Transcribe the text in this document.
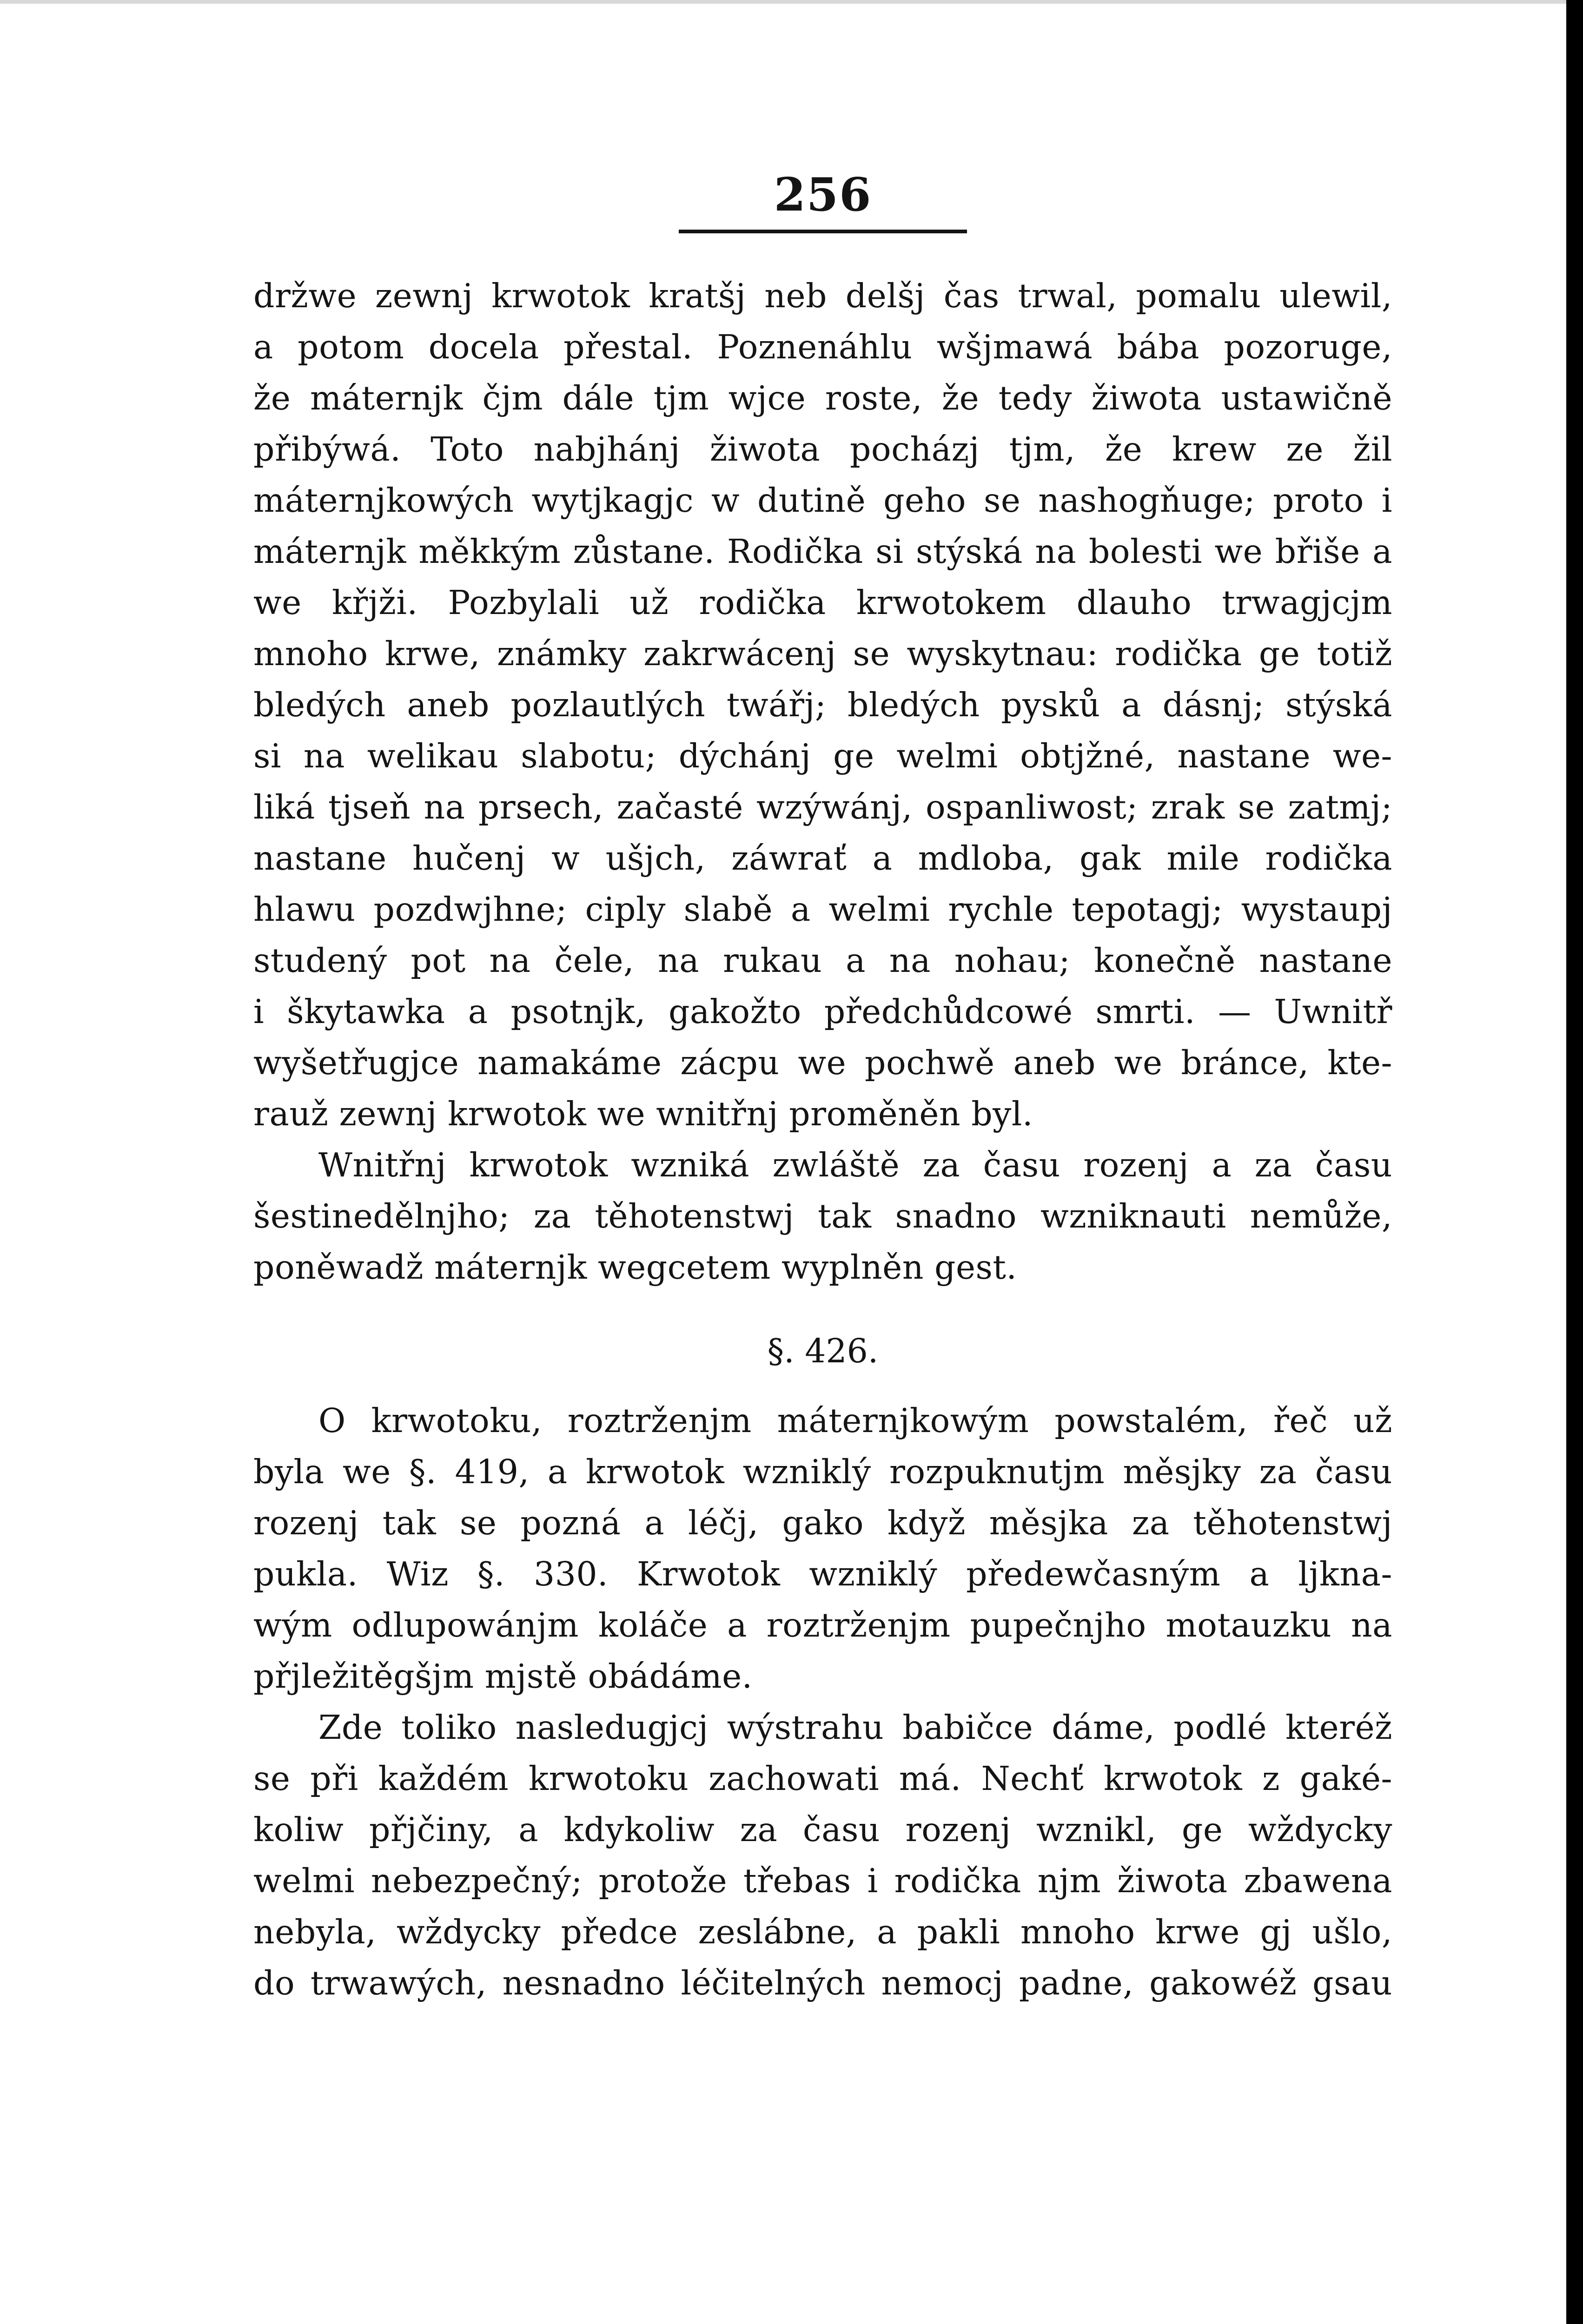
256
držwe zewnj krwotok kratšj neb delšj čas trwal, pomalu ulewil,
a potom docela přestal. Poznenáhlu wšjmawá bába pozoruge,
že máternjk čjm dále tjm wjce roste, že tedy žiwota ustawičně
přibýwá. Toto nabjhánj žiwota pocházj tjm, že krew ze žil
máternjkowých wytjkagjc w dutině geho se nashogňuge; proto i
máternjk měkkým zůstane. Rodička si stýská na bolesti we břiše a
we křjži. Pozbylali už rodička krwotokem dlauho trwagjcjm
mnoho krwe, známky zakrwácenj se wyskytnau: rodička ge totiž
bledých aneb pozlautlých twářj; bledých pysků a dásnj; stýská
si na welikau slabotu; dýchánj ge welmi obtjžné, nastane we-
liká tjseň na prsech, začasté wzýwánj, ospanliwost; zrak se zatmj;
nastane hučenj w ušjch, záwrať a mdloba, gak mile rodička
hlawu pozdwjhne; ciply slabě a welmi rychle tepotagj; wystaupj
studený pot na čele, na rukau a na nohau; konečně nastane
i škytawka a psotnjk, gakožto předchůdcowé smrti. — Uwnitř
wyšetřugjce namakáme zácpu we pochwě aneb we bránce, kte-
rauž zewnj krwotok we wnitřnj proměněn byl.
Wnitřnj krwotok wzniká zwláště za času rozenj a za času
šestinedělnjho; za těhotenstwj tak snadno wzniknauti nemůže,
poněwadž máternjk wegcetem wyplněn gest.
§. 426.
O krwotoku, roztrženjm máternjkowým powstalém, řeč už
byla we §. 419, a krwotok wzniklý rozpuknutjm měsjky za času
rozenj tak se pozná a léčj, gako když měsjka za těhotenstwj
pukla. Wiz §. 330. Krwotok wzniklý předewčasným a ljkna-
wým odlupowánjm koláče a roztrženjm pupečnjho motauzku na
přjležitěgšjm mjstě obádáme.
Zde toliko nasledugjcj wýstrahu babičce dáme, podlé kteréž
se při každém krwotoku zachowati má. Nechť krwotok z gaké-
koliw přjčiny, a kdykoliw za času rozenj wznikl, ge wždycky
welmi nebezpečný; protože třebas i rodička njm žiwota zbawena
nebyla, wždycky předce zeslábne, a pakli mnoho krwe gj ušlo,
do trwawých, nesnadno léčitelných nemocj padne, gakowéž gsau
